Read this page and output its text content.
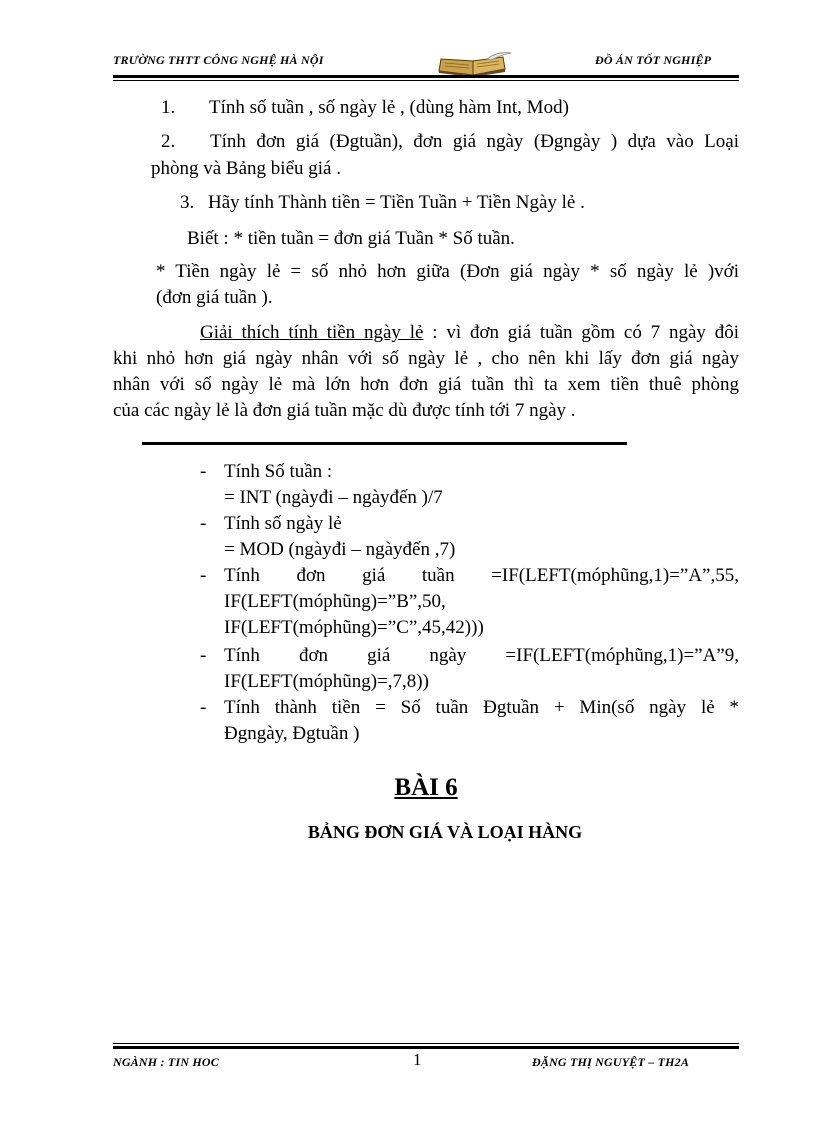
TRƯỜNG THTT CÔNG NGHỆ HÀ NỘI	ĐỒ ÁN TỐT NGHIỆP
1. Tính số tuần , số ngày lẻ , (dùng hàm Int, Mod)
2. Tính đơn giá (Đgtuần), đơn giá ngày (Đgngày ) dựa vào Loại
phòng và Bảng biểu giá .
3. Hãy tính Thành tiền = Tiền Tuần + Tiền Ngày lẻ .
Biết : * tiền tuần = đơn giá Tuần * Số tuần.
* Tiền ngày lẻ = số nhỏ hơn giữa (Đơn giá ngày * số ngày lẻ )với
(đơn giá tuần ).
Giải thích tính tiền ngày lẻ : vì đơn giá tuần gồm có 7 ngày đôi
khi nhỏ hơn giá ngày nhân với số ngày lẻ , cho nên khi lấy đơn giá ngày
nhân với số ngày lẻ mà lớn hơn đơn giá tuần thì ta xem tiền thuê phòng
của các ngày lẻ là đơn giá tuần mặc dù được tính tới 7 ngày .
- Tính Số tuần :
= INT (ngàyđi – ngàyđến )/7
- Tính số ngày lẻ
= MOD (ngàyđi – ngàyđến ,7)
- Tính đơn giá tuần =IF(LEFT(móphũng,1)=”A”,55,
IF(LEFT(móphũng)=”B”,50,
IF(LEFT(móphũng)=”C”,45,42)))
- Tính đơn giá ngày =IF(LEFT(móphũng,1)=”A”9,
IF(LEFT(móphũng)=,7,8))
- Tính thành tiền = Số tuần Đgtuần + Min(số ngày lẻ *
Đgngày, Đgtuần )
BÀI 6
BẢNG ĐƠN GIÁ VÀ LOẠI HÀNG
NGÀNH : TIN HOC	1	ĐẶNG THỊ NGUYỆT – TH2A
